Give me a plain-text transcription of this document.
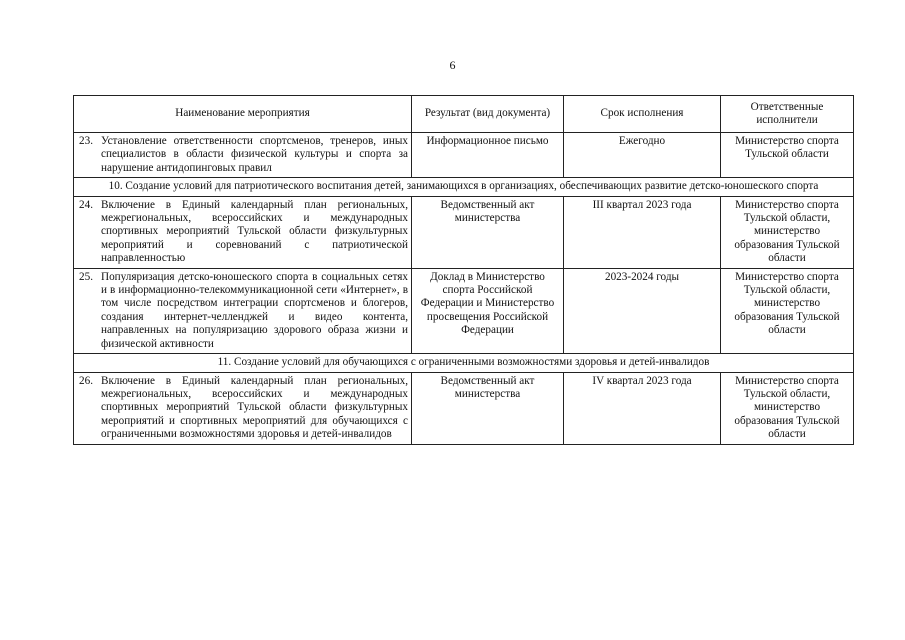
6
Наименование мероприятия	Результат (вид документа)	Срок исполнения	Ответственные исполнители

23. Установление ответственности спортсменов, тренеров, иных специалистов в области физической культуры и спорта за нарушение антидопинговых правил	Информационное письмо	Ежегодно	Министерство спорта Тульской области
10. Создание условий для патриотического воспитания детей, занимающихся в организациях, обеспечивающих развитие детско-юношеского спорта			

24. Включение в Единый календарный план региональных, межрегиональных, всероссийских и международных спортивных мероприятий Тульской области физкультурных мероприятий и соревнований с патриотической направленностью	Ведомственный акт министерства	III квартал 2023 года	Министерство спорта Тульской области, министерство образования Тульской области

25. Популяризация детско-юношеского спорта в социальных сетях и в информационно-телекоммуникационной сети «Интернет», в том числе посредством интеграции спортсменов и блогеров, создания интернет-челленджей и видео контента, направленных на популяризацию здорового образа жизни и физической активности	Доклад в Министерство спорта Российской Федерации и Министерство просвещения Российской Федерации	2023-2024 годы	Министерство спорта Тульской области, министерство образования Тульской области
11. Создание условий для обучающихся с ограниченными возможностями здоровья и детей-инвалидов			

26. Включение в Единый календарный план региональных, межрегиональных, всероссийских и международных спортивных мероприятий Тульской области физкультурных мероприятий и спортивных мероприятий для обучающихся с ограниченными возможностями здоровья и детей-инвалидов	Ведомственный акт министерства	IV квартал 2023 года	Министерство спорта Тульской области, министерство образования Тульской области
